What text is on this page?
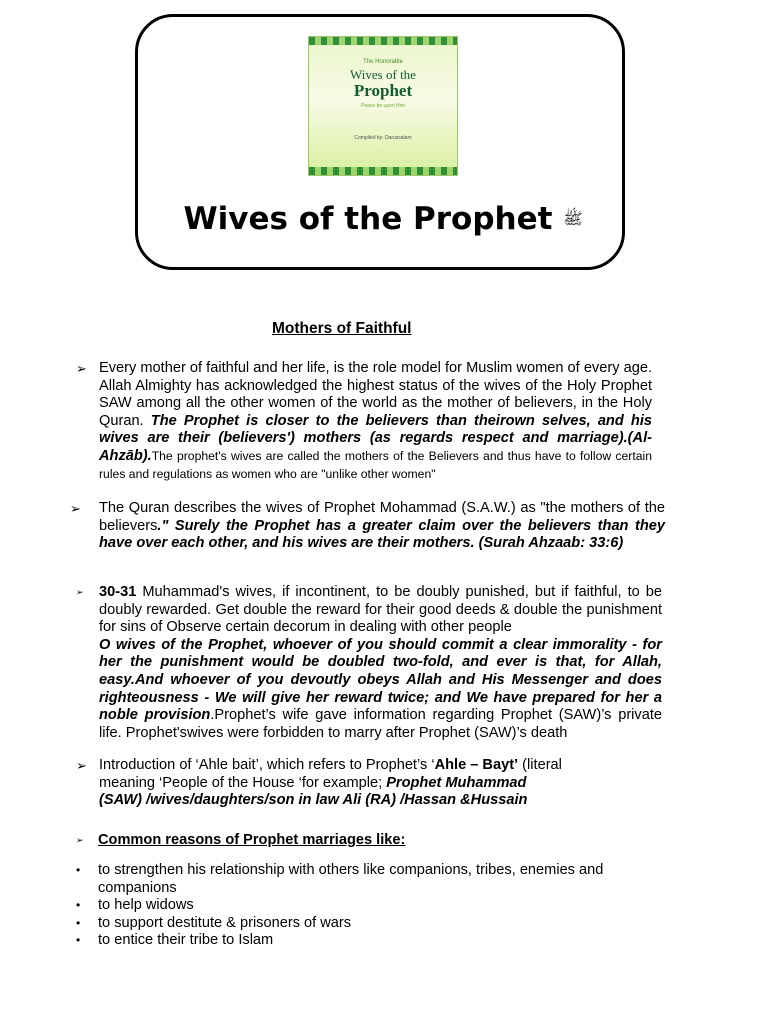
The Honorable
Wives of the
Prophet
Peace be upon Him
Compiled by: Darussalam
Wives of the Prophet ﷺ
Mothers of Faithful
➢ Every mother of faithful and her life, is the role model for Muslim women of every age. Allah Almighty has acknowledged the highest status of the wives of the Holy Prophet SAW among all the other women of the world as the mother of believers, in the Holy Quran. The Prophet is closer to the believers than theirown selves, and his wives are their (believers') mothers (as regards respect and marriage).(Al-Ahzāb).The prophet's wives are called the mothers of the Believers and thus have to follow certain rules and regulations as women who are "unlike other women"
➢ The Quran describes the wives of Prophet Mohammad (S.A.W.) as "the mothers of the believers." Surely the Prophet has a greater claim over the believers than they have over each other, and his wives are their mothers. (Surah Ahzaab: 33:6)
➢ 30-31 Muhammad's wives, if incontinent, to be doubly punished, but if faithful, to be doubly rewarded. Get double the reward for their good deeds & double the punishment for sins of Observe certain decorum in dealing with other people
O wives of the Prophet, whoever of you should commit a clear immorality - for her the punishment would be doubled two-fold, and ever is that, for Allah, easy.And whoever of you devoutly obeys Allah and His Messenger and does righteousness - We will give her reward twice; and We have prepared for her a noble provision.Prophet’s wife gave information regarding Prophet (SAW)’s private life. Prophet'swives were forbidden to marry after Prophet (SAW)’s death
➢ Introduction of ‘Ahle bait’, which refers to Prophet’s ‘Ahle – Bayt’ (literal meaning ‘People of the House ‘for example; Prophet Muhammad
(SAW) /wives/daughters/son in law Ali (RA) /Hassan &Hussain
➢ Common reasons of Prophet marriages like:
• to strengthen his relationship with others like companions, tribes, enemies and companions
• to help widows
• to support destitute & prisoners of wars
• to entice their tribe to Islam
